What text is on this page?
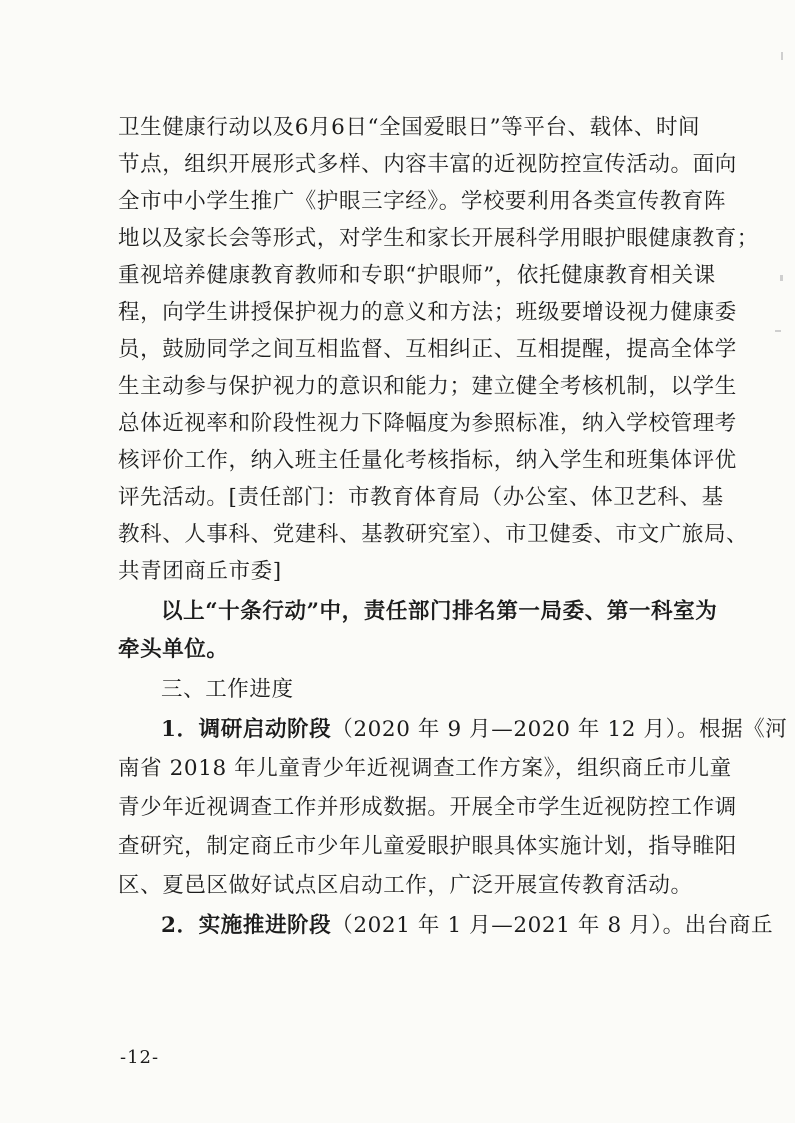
卫生健康行动以及6月6日“全国爱眼日”等平台、载体、时间
节点，组织开展形式多样、内容丰富的近视防控宣传活动。面向
全市中小学生推广《护眼三字经》。学校要利用各类宣传教育阵
地以及家长会等形式，对学生和家长开展科学用眼护眼健康教育；
重视培养健康教育教师和专职“护眼师”，依托健康教育相关课
程，向学生讲授保护视力的意义和方法；班级要增设视力健康委
员，鼓励同学之间互相监督、互相纠正、互相提醒，提高全体学
生主动参与保护视力的意识和能力；建立健全考核机制，以学生
总体近视率和阶段性视力下降幅度为参照标准，纳入学校管理考
核评价工作，纳入班主任量化考核指标，纳入学生和班集体评优
评先活动。[责任部门：市教育体育局（办公室、体卫艺科、基
教科、人事科、党建科、基教研究室）、市卫健委、市文广旅局、
共青团商丘市委]
以上“十条行动”中，责任部门排名第一局委、第一科室为
牵头单位。
三、工作进度
1．调研启动阶段（2020 年 9 月—2020 年 12 月）。根据《河
南省 2018 年儿童青少年近视调查工作方案》，组织商丘市儿童
青少年近视调查工作并形成数据。开展全市学生近视防控工作调
查研究，制定商丘市少年儿童爱眼护眼具体实施计划，指导睢阳
区、夏邑区做好试点区启动工作，广泛开展宣传教育活动。
2．实施推进阶段（2021 年 1 月—2021 年 8 月）。出台商丘
-12-
